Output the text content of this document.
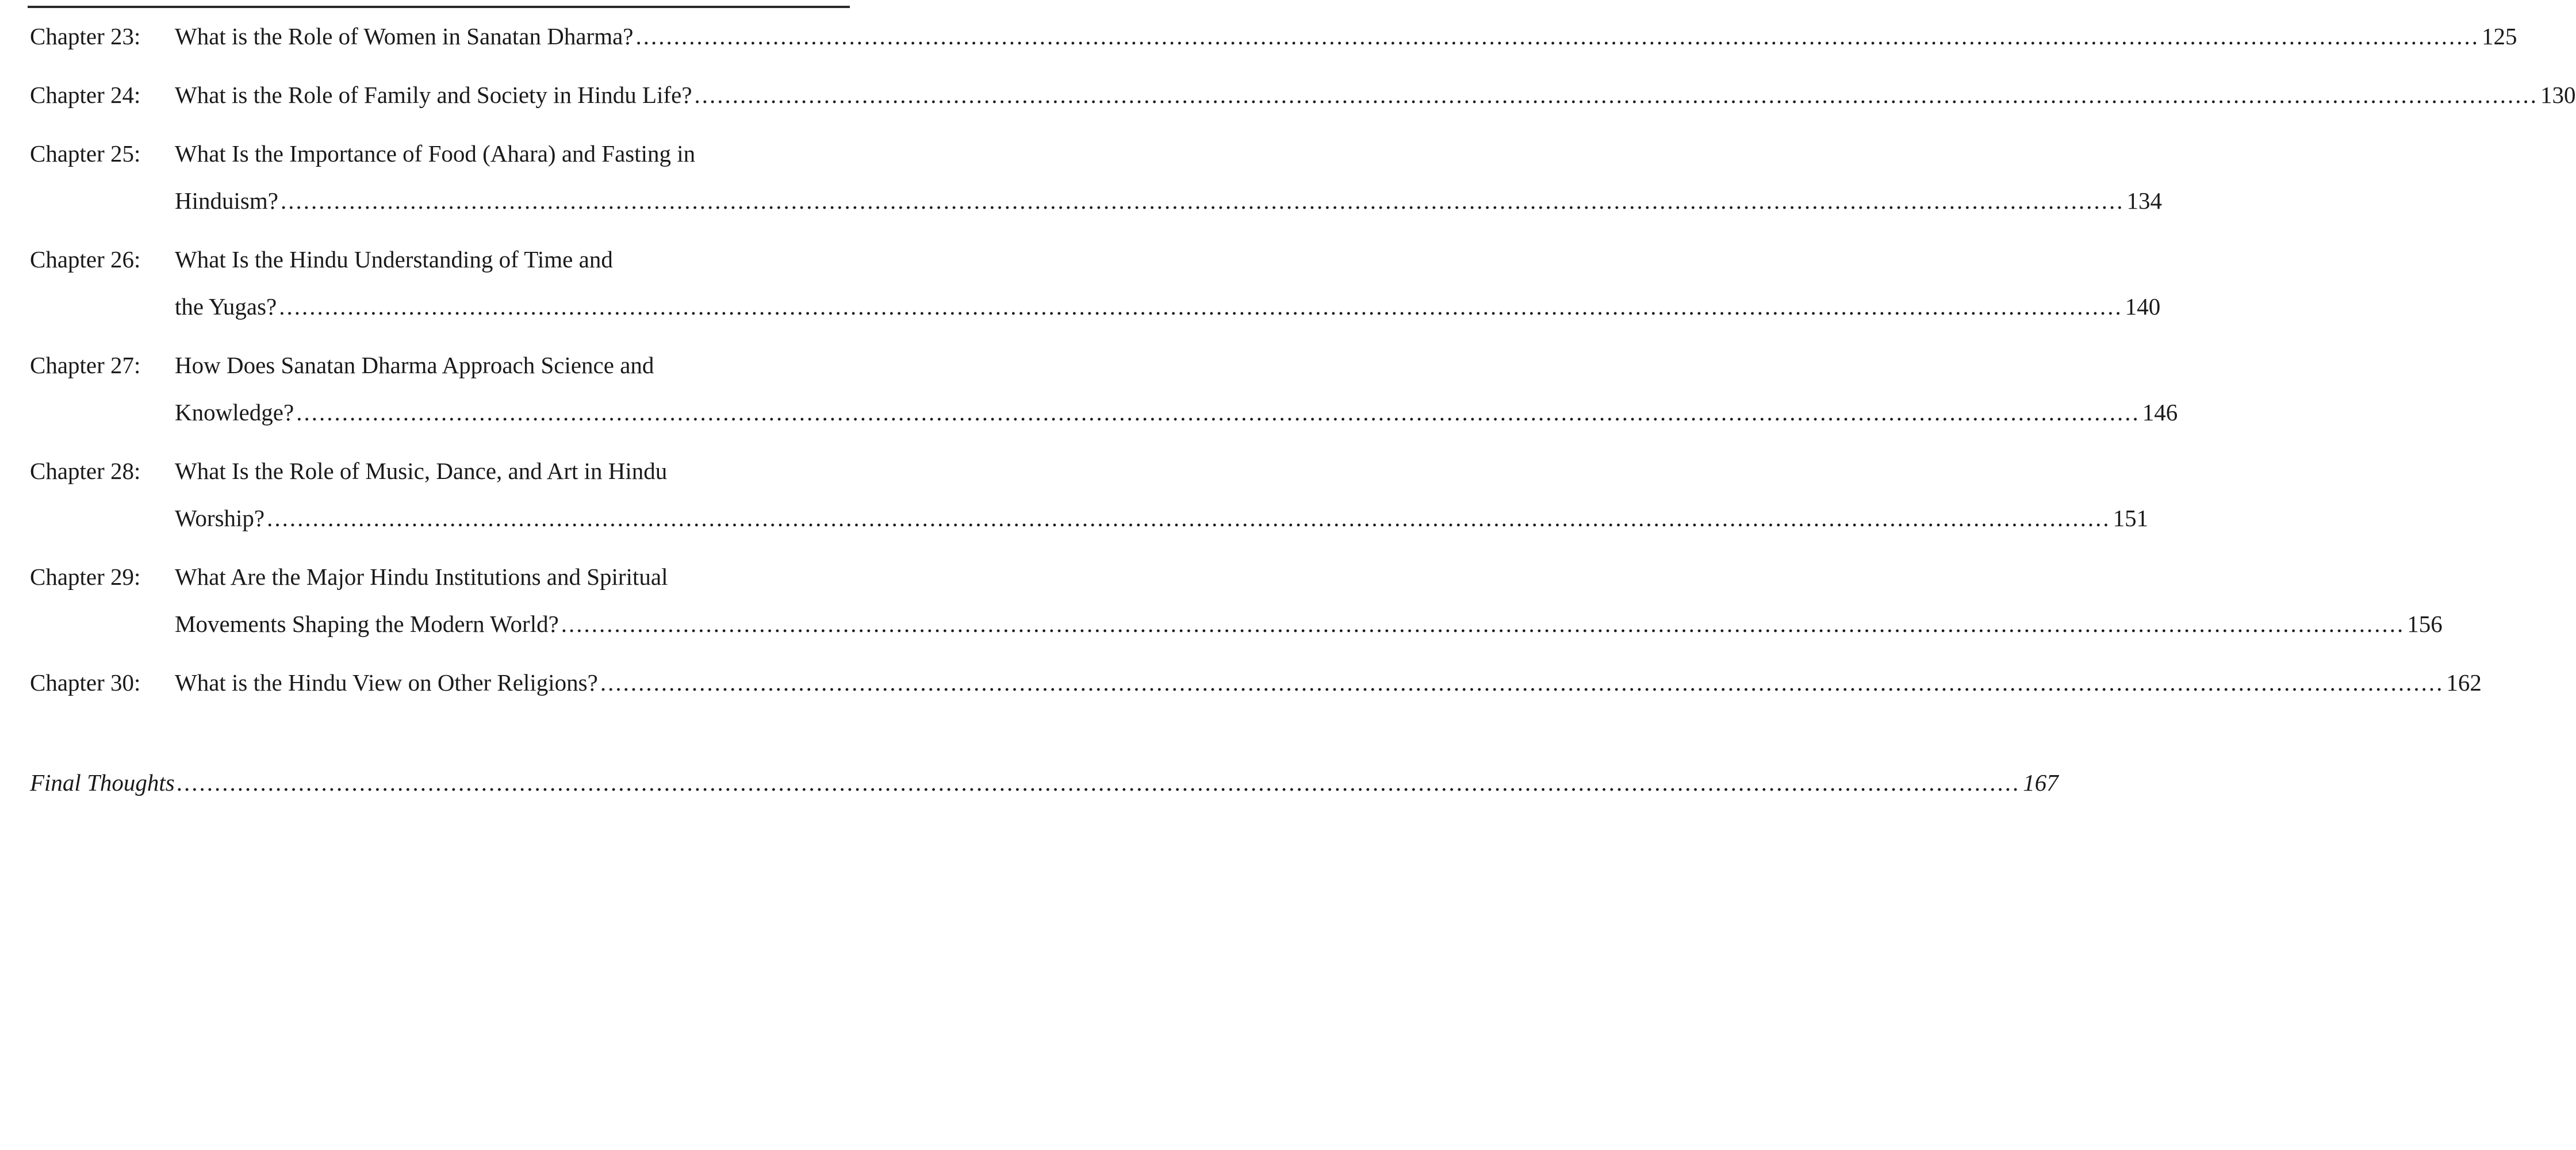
Chapter 23:	What is the Role of Women in Sanatan Dharma? .....	125
Chapter 24:	What is the Role of Family and Society in Hindu Life? .....	130
Chapter 25:	What Is the Importance of Food (Ahara) and Fasting in
Hinduism? .....	134
Chapter 26:	What Is the Hindu Understanding of Time and
the Yugas? .....	140
Chapter 27:	How Does Sanatan Dharma Approach Science and
Knowledge? .....	146
Chapter 28:	What Is the Role of Music, Dance, and Art in Hindu
Worship? .....	151
Chapter 29:	What Are the Major Hindu Institutions and Spiritual
Movements Shaping the Modern World? .....	156
Chapter 30:	What is the Hindu View on Other Religions? .....	162
Final Thoughts .....	167
